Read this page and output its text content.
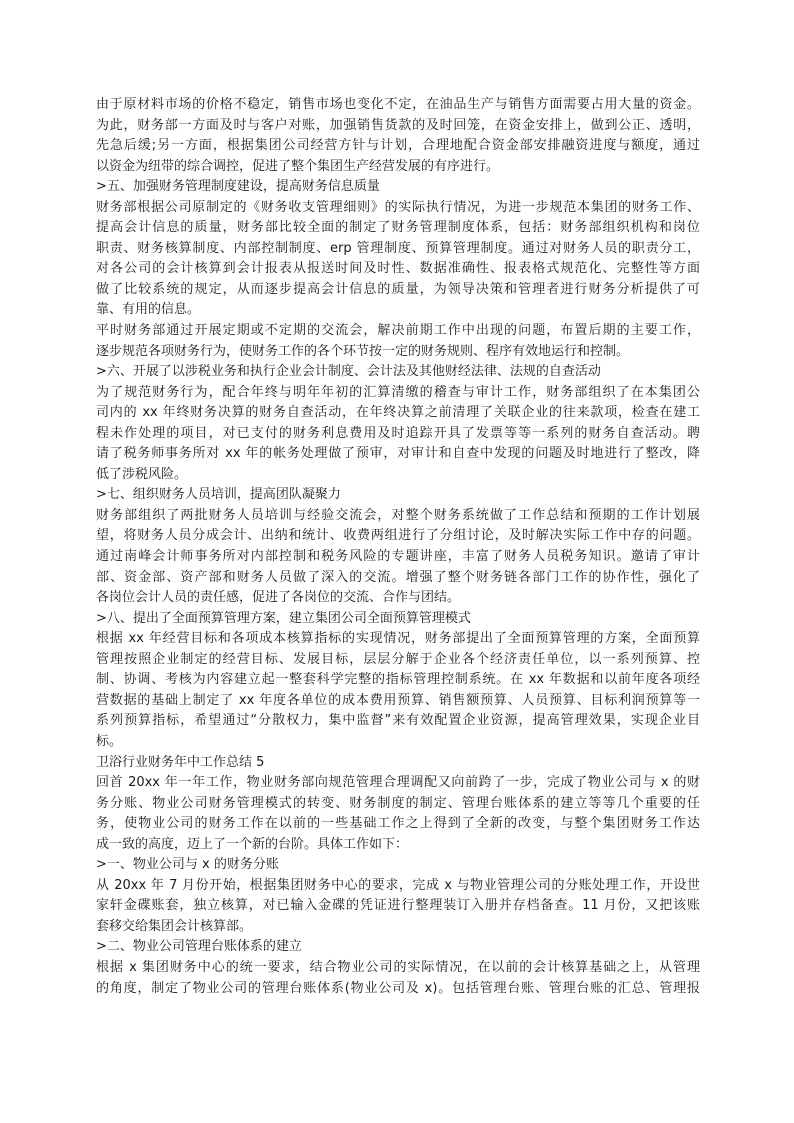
由于原材料市场的价格不稳定，销售市场也变化不定，在油品生产与销售方面需要占用大量的资金。
为此，财务部一方面及时与客户对账，加强销售货款的及时回笼，在资金安排上，做到公正、透明，
先急后缓;另一方面，根据集团公司经营方针与计划，合理地配合资金部安排融资进度与额度，通过
以资金为纽带的综合调控，促进了整个集团生产经营发展的有序进行。
>五、加强财务管理制度建设，提高财务信息质量
财务部根据公司原制定的《财务收支管理细则》的实际执行情况，为进一步规范本集团的财务工作、
提高会计信息的质量，财务部比较全面的制定了财务管理制度体系，包括：财务部组织机构和岗位
职责、财务核算制度、内部控制制度、erp 管理制度、预算管理制度。通过对财务人员的职责分工，
对各公司的会计核算到会计报表从报送时间及时性、数据准确性、报表格式规范化、完整性等方面
做了比较系统的规定，从而逐步提高会计信息的质量，为领导决策和管理者进行财务分析提供了可
靠、有用的信息。
平时财务部通过开展定期或不定期的交流会，解决前期工作中出现的问题，布置后期的主要工作，
逐步规范各项财务行为，使财务工作的各个环节按一定的财务规则、程序有效地运行和控制。
>六、开展了以涉税业务和执行企业会计制度、会计法及其他财经法律、法规的自查活动
为了规范财务行为，配合年终与明年年初的汇算清缴的稽查与审计工作，财务部组织了在本集团公
司内的 xx 年终财务决算的财务自查活动，在年终决算之前清理了关联企业的往来款项，检查在建工
程未作处理的项目，对已支付的财务利息费用及时追踪开具了发票等等一系列的财务自查活动。聘
请了税务师事务所对 xx 年的帐务处理做了预审，对审计和自查中发现的问题及时地进行了整改，降
低了涉税风险。
>七、组织财务人员培训，提高团队凝聚力
财务部组织了两批财务人员培训与经验交流会，对整个财务系统做了工作总结和预期的工作计划展
望，将财务人员分成会计、出纳和统计、收费两组进行了分组讨论，及时解决实际工作中存的问题。
通过南峰会计师事务所对内部控制和税务风险的专题讲座，丰富了财务人员税务知识。邀请了审计
部、资金部、资产部和财务人员做了深入的交流。增强了整个财务链各部门工作的协作性，强化了
各岗位会计人员的责任感，促进了各岗位的交流、合作与团结。
>八、提出了全面预算管理方案，建立集团公司全面预算管理模式
根据 xx 年经营目标和各项成本核算指标的实现情况，财务部提出了全面预算管理的方案，全面预算
管理按照企业制定的经营目标、发展目标，层层分解于企业各个经济责任单位，以一系列预算、控
制、协调、考核为内容建立起一整套科学完整的指标管理控制系统。在 xx 年数据和以前年度各项经
营数据的基础上制定了 xx 年度各单位的成本费用预算、销售额预算、人员预算、目标利润预算等一
系列预算指标，希望通过“分散权力，集中监督”来有效配置企业资源，提高管理效果，实现企业目
标。
卫浴行业财务年中工作总结 5
回首 20xx 年一年工作，物业财务部向规范管理合理调配又向前跨了一步，完成了物业公司与 x 的财
务分账、物业公司财务管理模式的转变、财务制度的制定、管理台账体系的建立等等几个重要的任
务，使物业公司的财务工作在以前的一些基础工作之上得到了全新的改变，与整个集团财务工作达
成一致的高度，迈上了一个新的台阶。具体工作如下：
>一、物业公司与 x 的财务分账
从 20xx 年 7 月份开始，根据集团财务中心的要求，完成 x 与物业管理公司的分账处理工作，开设世
家轩金碟账套，独立核算，对已输入金碟的凭证进行整理装订入册并存档备查。11 月份，又把该账
套移交给集团会计核算部。
>二、物业公司管理台账体系的建立
根据 x 集团财务中心的统一要求，结合物业公司的实际情况，在以前的会计核算基础之上，从管理
的角度，制定了物业公司的管理台账体系(物业公司及 x)。包括管理台账、管理台账的汇总、管理报
